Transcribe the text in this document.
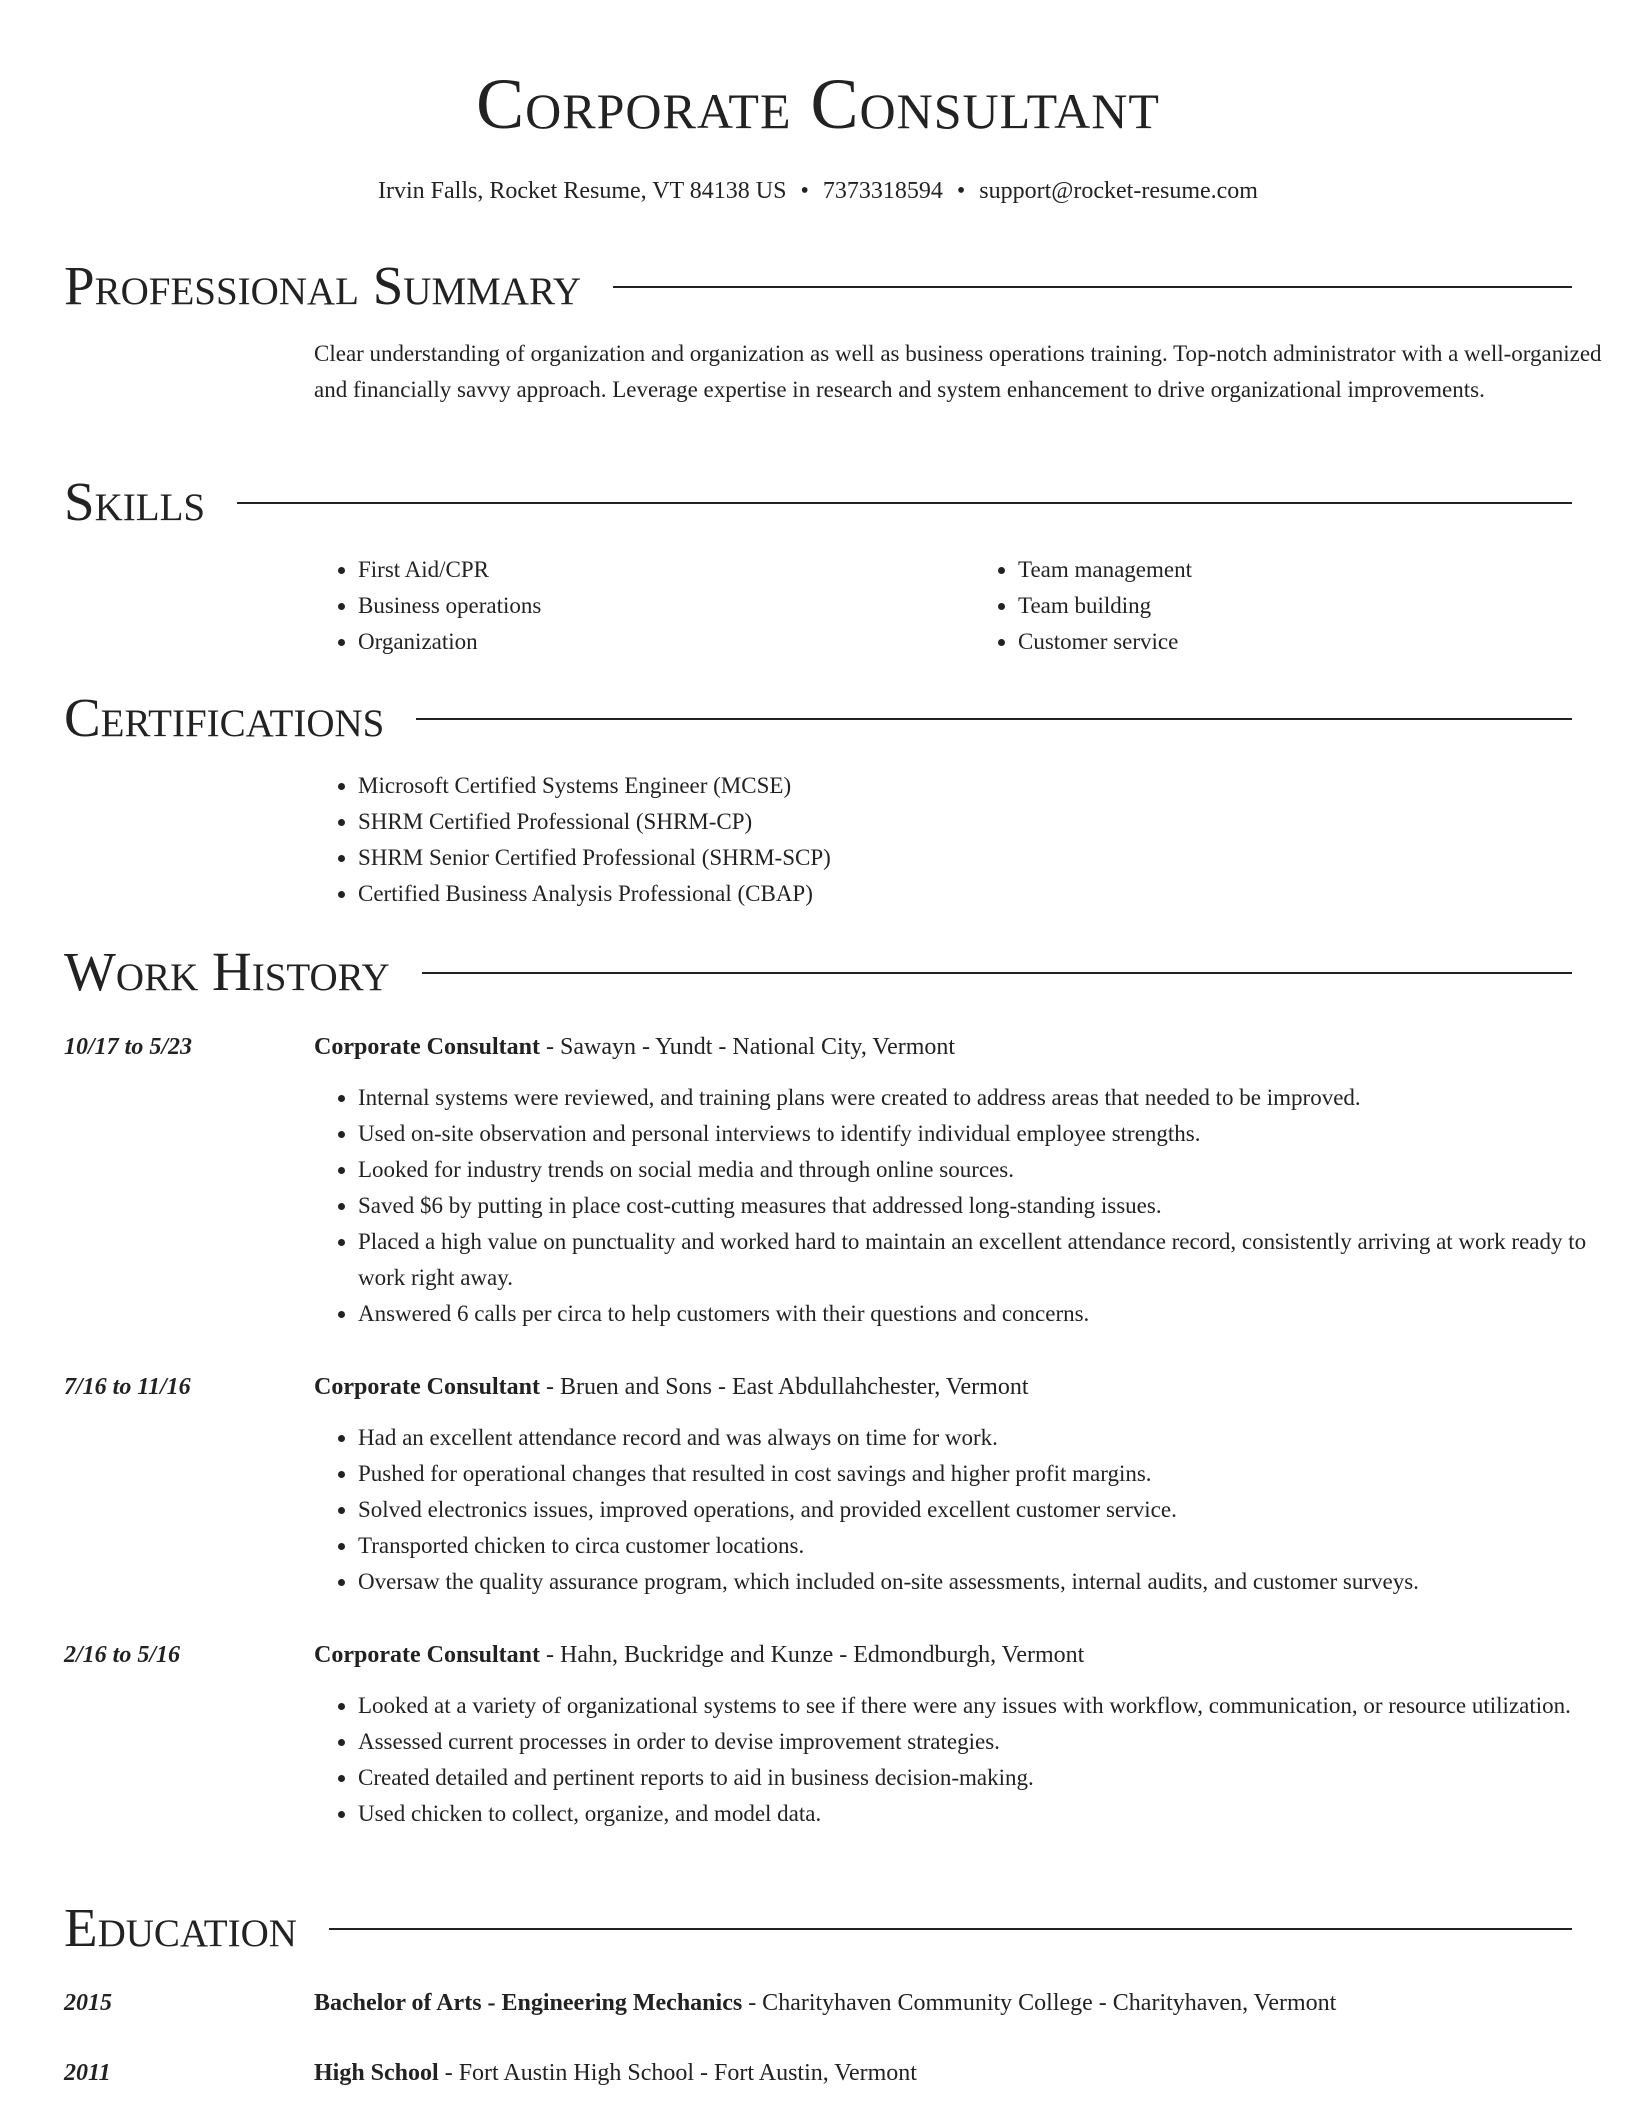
Corporate Consultant
Irvin Falls, Rocket Resume, VT 84138 US • 7373318594 • support@rocket-resume.com
Professional Summary

Clear understanding of organization and organization as well as business operations training. Top-notch administrator with a well-organized and financially savvy approach. Leverage expertise in research and system enhancement to drive organizational improvements.

Skills
• First Aid/CPR
• Business operations
• Organization
• Team management
• Team building
• Customer service
Certifications
• Microsoft Certified Systems Engineer (MCSE)
• SHRM Certified Professional (SHRM-CP)
• SHRM Senior Certified Professional (SHRM-SCP)
• Certified Business Analysis Professional (CBAP)
Work History
10/17 to 5/23	Corporate Consultant - Sawayn - Yundt - National City, Vermont
• Internal systems were reviewed, and training plans were created to address areas that needed to be improved.
• Used on-site observation and personal interviews to identify individual employee strengths.
• Looked for industry trends on social media and through online sources.
• Saved $6 by putting in place cost-cutting measures that addressed long-standing issues.
• Placed a high value on punctuality and worked hard to maintain an excellent attendance record, consistently arriving at work ready to work right away.
• Answered 6 calls per circa to help customers with their questions and concerns.
7/16 to 11/16	Corporate Consultant - Bruen and Sons - East Abdullahchester, Vermont
• Had an excellent attendance record and was always on time for work.
• Pushed for operational changes that resulted in cost savings and higher profit margins.
• Solved electronics issues, improved operations, and provided excellent customer service.
• Transported chicken to circa customer locations.
• Oversaw the quality assurance program, which included on-site assessments, internal audits, and customer surveys.
2/16 to 5/16	Corporate Consultant - Hahn, Buckridge and Kunze - Edmondburgh, Vermont
• Looked at a variety of organizational systems to see if there were any issues with workflow, communication, or resource utilization.
• Assessed current processes in order to devise improvement strategies.
• Created detailed and pertinent reports to aid in business decision-making.
• Used chicken to collect, organize, and model data.
Education
2015	Bachelor of Arts - Engineering Mechanics - Charityhaven Community College - Charityhaven, Vermont
2011	High School - Fort Austin High School - Fort Austin, Vermont
